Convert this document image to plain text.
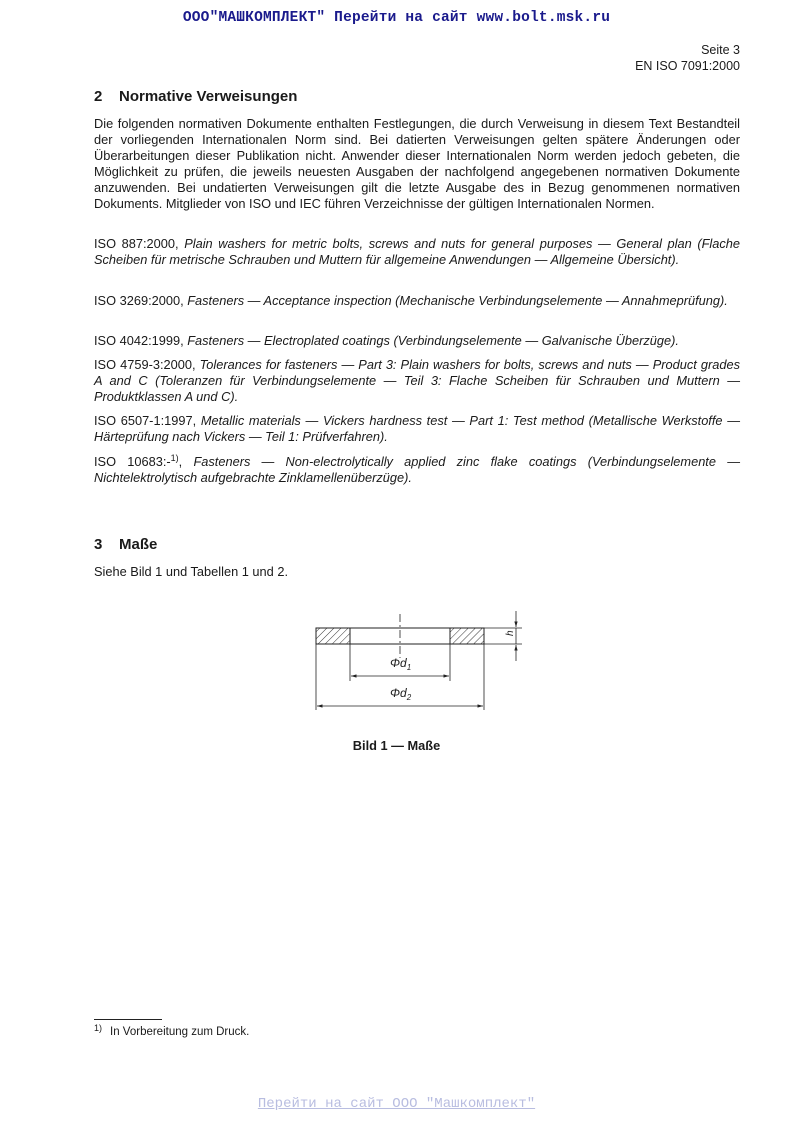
ООО"МАШКОМПЛЕКТ" Перейти на сайт www.bolt.msk.ru
Seite 3
EN ISO 7091:2000
2 Normative Verweisungen

Die folgenden normativen Dokumente enthalten Festlegungen, die durch Verweisung in diesem Text Bestandteil der vorliegenden Internationalen Norm sind. Bei datierten Verweisungen gelten spätere Änderungen oder Überarbeitungen dieser Publikation nicht. Anwender dieser Internationalen Norm werden jedoch gebeten, die Möglichkeit zu prüfen, die jeweils neuesten Ausgaben der nachfolgend angegebenen normativen Dokumente anzuwenden. Bei undatierten Verweisungen gilt die letzte Ausgabe des in Bezug genommenen normativen Dokuments. Mitglieder von ISO und IEC führen Verzeichnisse der gültigen Internationalen Normen.

ISO 887:2000, Plain washers for metric bolts, screws and nuts for general purposes — General plan (Flache Scheiben für metrische Schrauben und Muttern für allgemeine Anwendungen — Allgemeine Übersicht).

ISO 3269:2000, Fasteners — Acceptance inspection (Mechanische Verbindungselemente — Annahmeprüfung).

ISO 4042:1999, Fasteners — Electroplated coatings (Verbindungselemente — Galvanische Überzüge).

ISO 4759-3:2000, Tolerances for fasteners — Part 3: Plain washers for bolts, screws and nuts — Product grades A and C (Toleranzen für Verbindungselemente — Teil 3: Flache Scheiben für Schrauben und Muttern — Produktklassen A und C).

ISO 6507-1:1997, Metallic materials — Vickers hardness test — Part 1: Test method (Metallische Werkstoffe — Härteprüfung nach Vickers — Teil 1: Prüfverfahren).

ISO 10683:-$^{1)}$, Fasteners — Non-electrolytically applied zinc flake coatings (Verbindungselemente — Nichtelektrolytisch aufgebrachte Zinklamellenüberzüge).

3 Maße

Siehe Bild 1 und Tabellen 1 und 2.

$\Phi d_1$
$\Phi d_2$
h
Bild 1 — Maße
$^{1)}$ In Vorbereitung zum Druck.
Перейти на сайт ООО "Машкомплект"
